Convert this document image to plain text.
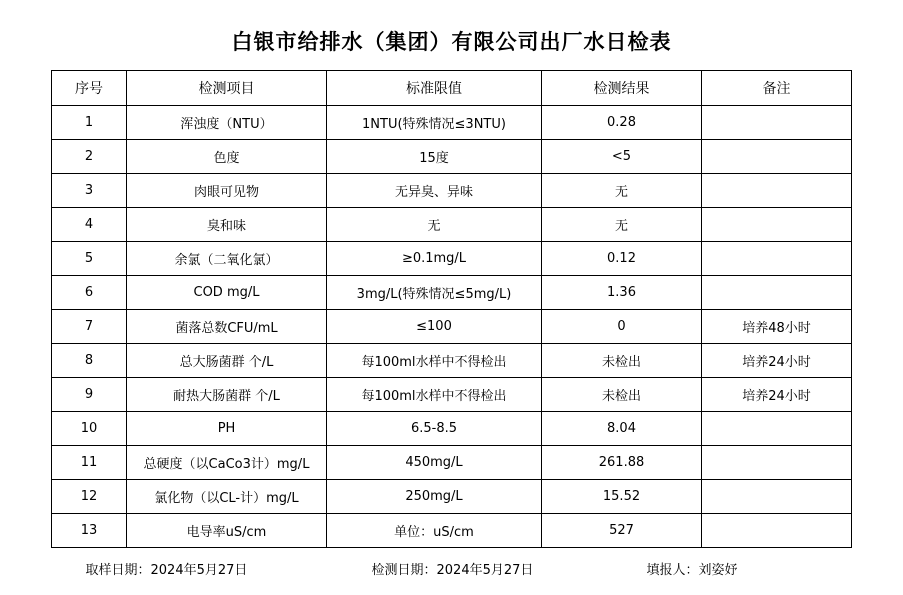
白银市给排水（集团）有限公司出厂水日检表
序号	检测项目	标准限值	检测结果	备注
1	浑浊度（NTU）	1NTU(特殊情况≤3NTU)	0.28	
2	色度	15度	<5	
3	肉眼可见物	无异臭、异味	无	
4	臭和味	无	无	
5	余氯（二氧化氯）	≥0.1mg/L	0.12	
6	COD mg/L	3mg/L(特殊情况≤5mg/L)	1.36	
7	菌落总数CFU/mL	≤100	0	培养48小时
8	总大肠菌群 个/L	每100ml水样中不得检出	未检出	培养24小时
9	耐热大肠菌群 个/L	每100ml水样中不得检出	未检出	培养24小时
10	PH	6.5-8.5	8.04	
11	总硬度（以CaCo3计）mg/L	450mg/L	261.88	
12	氯化物（以CL-计）mg/L	250mg/L	15.52	
13	电导率uS/cm	单位：uS/cm	527	
取样日期：2024年5月27日	检测日期：2024年5月27日	填报人：刘姿妤
